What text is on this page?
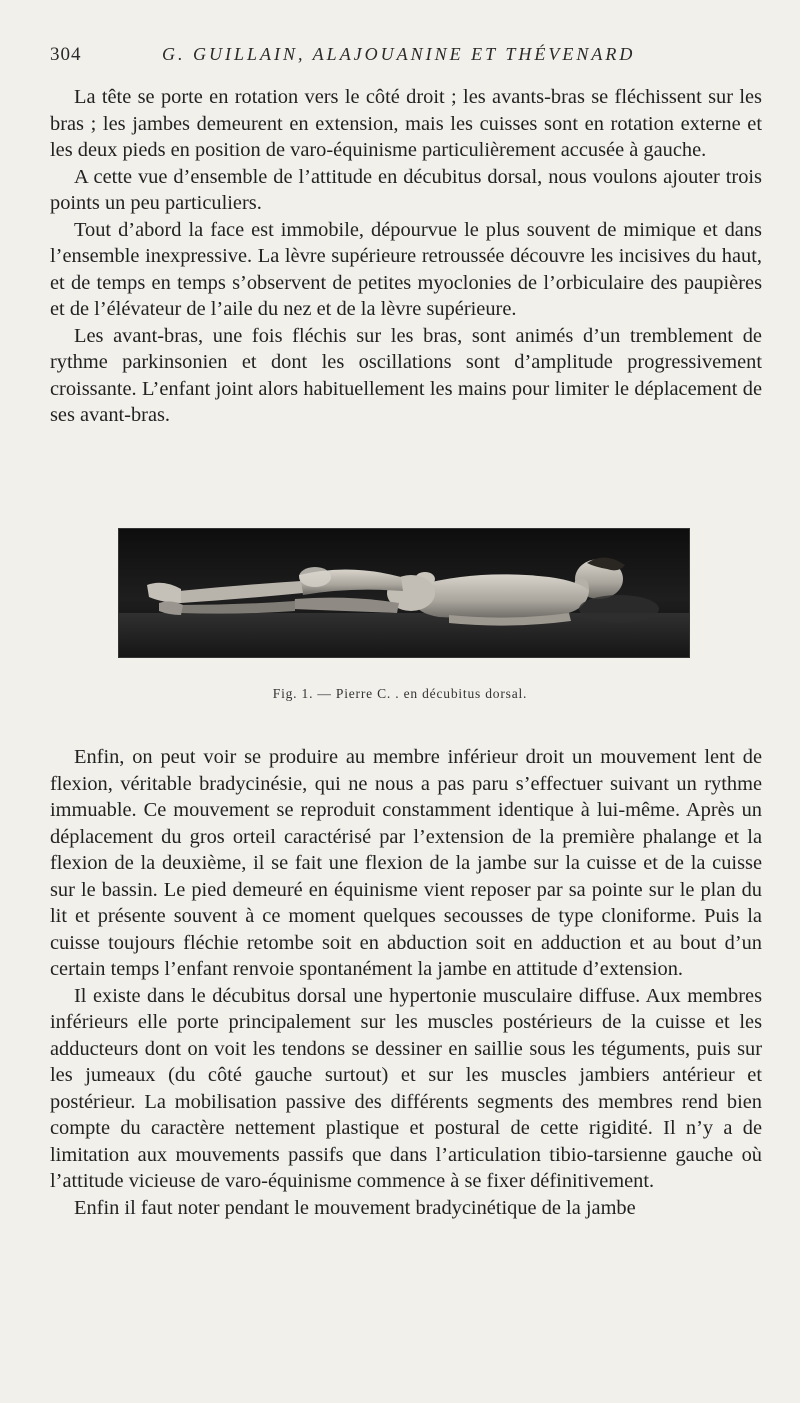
304	G. GUILLAIN, ALAJOUANINE ET THÉVENARD

La tête se porte en rotation vers le côté droit ; les avants-bras se fléchissent sur les bras ; les jambes demeurent en extension, mais les cuisses sont en rotation externe et les deux pieds en position de varo-équinisme particulièrement accusée à gauche.

A cette vue d’ensemble de l’attitude en décubitus dorsal, nous voulons ajouter trois points un peu particuliers.

Tout d’abord la face est immobile, dépourvue le plus souvent de mimique et dans l’ensemble inexpressive. La lèvre supérieure retroussée découvre les incisives du haut, et de temps en temps s’observent de petites myoclonies de l’orbiculaire des paupières et de l’élévateur de l’aile du nez et de la lèvre supérieure.

Les avant-bras, une fois fléchis sur les bras, sont animés d’un tremblement de rythme parkinsonien et dont les oscillations sont d’amplitude progressivement croissante. L’enfant joint alors habituellement les mains pour limiter le déplacement de ses avant-bras.

Fig. 1. — Pierre C. . en décubitus dorsal.

Enfin, on peut voir se produire au membre inférieur droit un mouvement lent de flexion, véritable bradycinésie, qui ne nous a pas paru s’effectuer suivant un rythme immuable. Ce mouvement se reproduit constamment identique à lui-même. Après un déplacement du gros orteil caractérisé par l’extension de la première phalange et la flexion de la deuxième, il se fait une flexion de la jambe sur la cuisse et de la cuisse sur le bassin. Le pied demeuré en équinisme vient reposer par sa pointe sur le plan du lit et présente souvent à ce moment quelques secousses de type cloniforme. Puis la cuisse toujours fléchie retombe soit en abduction soit en adduction et au bout d’un certain temps l’enfant renvoie spontanément la jambe en attitude d’extension.

Il existe dans le décubitus dorsal une hypertonie musculaire diffuse. Aux membres inférieurs elle porte principalement sur les muscles postérieurs de la cuisse et les adducteurs dont on voit les tendons se dessiner en saillie sous les téguments, puis sur les jumeaux (du côté gauche surtout) et sur les muscles jambiers antérieur et postérieur. La mobilisation passive des différents segments des membres rend bien compte du caractère nettement plastique et postural de cette rigidité. Il n’y a de limitation aux mouvements passifs que dans l’articulation tibio-tarsienne gauche où l’attitude vicieuse de varo-équinisme commence à se fixer définitivement.

Enfin il faut noter pendant le mouvement bradycinétique de la jambe
